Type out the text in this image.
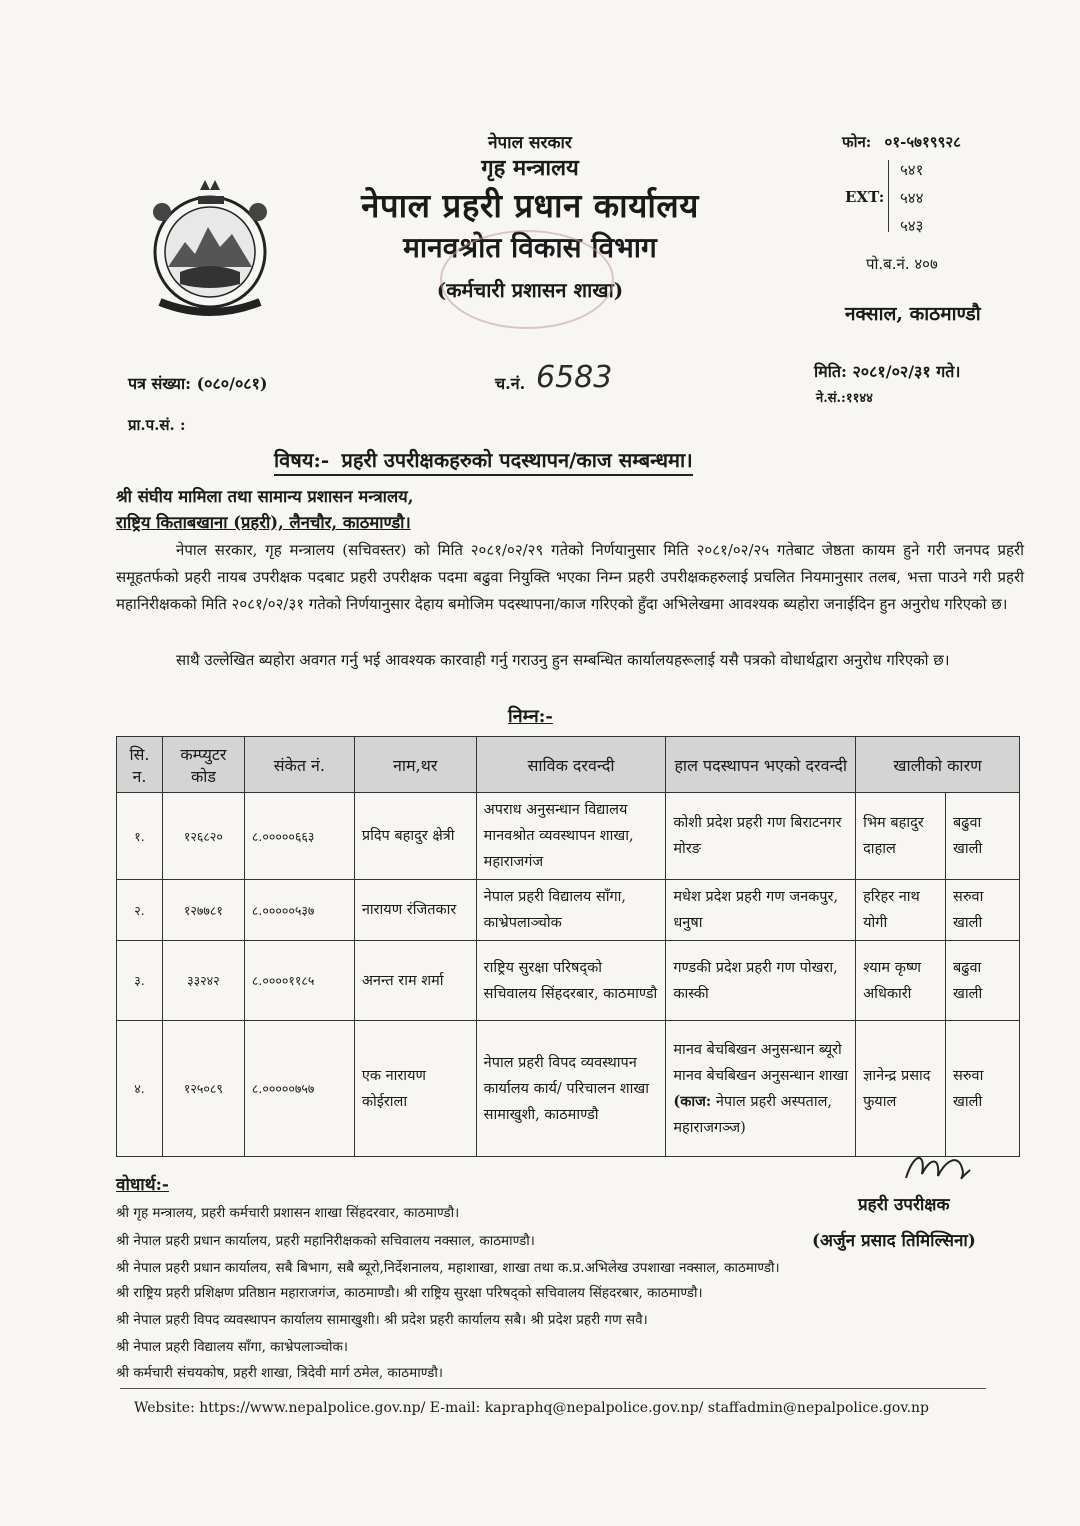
नेपाल सरकार
गृह मन्त्रालय
नेपाल प्रहरी प्रधान कार्यालय
मानवश्रोत विकास विभाग
(कर्मचारी प्रशासन शाखा)
फोन: ०१-५७१९९२८
EXT:
५४१
५४४
५४३
पो.ब.नं. ४०७
नक्साल, काठमाण्डौ
पत्र संख्या: (०८०/०८१)	च.नं. 6583	मिति: २०८१/०२/३१ गते।
ने.सं.:११४४
प्रा.प.सं. :
विषय:- प्रहरी उपरीक्षकहरुको पदस्थापन/काज सम्बन्धमा।
श्री संघीय मामिला तथा सामान्य प्रशासन मन्त्रालय,
राष्ट्रिय किताबखाना (प्रहरी), लैनचौर, काठमाण्डौ।
नेपाल सरकार, गृह मन्त्रालय (सचिवस्तर) को मिति २०८१/०२/२९ गतेको निर्णयानुसार मिति २०८१/०२/२५ गतेबाट जेष्ठता कायम हुने गरी जनपद प्रहरी समूहतर्फको प्रहरी नायब उपरीक्षक पदबाट प्रहरी उपरीक्षक पदमा बढुवा नियुक्ति भएका निम्न प्रहरी उपरीक्षकहरुलाई प्रचलित नियमानुसार तलब, भत्ता पाउने गरी प्रहरी महानिरीक्षकको मिति २०८१/०२/३१ गतेको निर्णयानुसार देहाय बमोजिम पदस्थापना/काज गरिएको हुँदा अभिलेखमा आवश्यक ब्यहोरा जनाईदिन हुन अनुरोध गरिएको छ।
साथै उल्लेखित ब्यहोरा अवगत गर्नु भई आवश्यक कारवाही गर्नु गराउनु हुन सम्बन्धित कार्यालयहरूलाई यसै पत्रको वोधार्थद्वारा अनुरोध गरिएको छ।
निम्न:-
सि. न.	कम्प्युटर कोड	संकेत नं.	नाम,थर	साविक दरवन्दी	हाल पदस्थापन भएको दरवन्दी	खालीको कारण	
१.	१२६८२०	८.०००००६६३	प्रदिप बहादुर क्षेत्री	अपराध अनुसन्धान विद्यालय मानवश्रोत व्यवस्थापन शाखा, महाराजगंज	कोशी प्रदेश प्रहरी गण बिराटनगर मोरङ	भिम बहादुर दाहाल	बढुवा खाली
२.	१२७७८१	८.०००००५३७	नारायण रंजितकार	नेपाल प्रहरी विद्यालय साँगा, काभ्रेपलाञ्चोक	मधेश प्रदेश प्रहरी गण जनकपुर, धनुषा	हरिहर नाथ योगी	सरुवा खाली
३.	३३२४२	८.००००११८५	अनन्त राम शर्मा	राष्ट्रिय सुरक्षा परिषद्को सचिवालय सिंहदरबार, काठमाण्डौ	गण्डकी प्रदेश प्रहरी गण पोखरा, कास्की	श्याम कृष्ण अधिकारी	बढुवा खाली
४.	१२५०८९	८.०००००७५७	एक नारायण कोईराला	नेपाल प्रहरी विपद व्यवस्थापन कार्यालय कार्य/ परिचालन शाखा सामाखुशी, काठमाण्डौ	मानव बेचबिखन अनुसन्धान ब्यूरो मानव बेचबिखन अनुसन्धान शाखा (काज: नेपाल प्रहरी अस्पताल, महाराजगञ्ज)	ज्ञानेन्द्र प्रसाद फुयाल	सरुवा खाली
प्रहरी उपरीक्षक
(अर्जुन प्रसाद तिमिल्सिना)
वोधार्थ:-
श्री गृह मन्त्रालय, प्रहरी कर्मचारी प्रशासन शाखा सिंहदरवार, काठमाण्डौ।
श्री नेपाल प्रहरी प्रधान कार्यालय, प्रहरी महानिरीक्षकको सचिवालय नक्साल, काठमाण्डौ।
श्री नेपाल प्रहरी प्रधान कार्यालय, सबै बिभाग, सबै ब्यूरो,निर्देशनालय, महाशाखा, शाखा तथा क.प्र.अभिलेख उपशाखा नक्साल, काठमाण्डौ।
श्री राष्ट्रिय प्रहरी प्रशिक्षण प्रतिष्ठान महाराजगंज, काठमाण्डौ। श्री राष्ट्रिय सुरक्षा परिषद्को सचिवालय सिंहदरबार, काठमाण्डौ।
श्री नेपाल प्रहरी विपद व्यवस्थापन कार्यालय सामाखुशी। श्री प्रदेश प्रहरी कार्यालय सबै। श्री प्रदेश प्रहरी गण सवै।
श्री नेपाल प्रहरी विद्यालय साँगा, काभ्रेपलाञ्चोक।
श्री कर्मचारी संचयकोष, प्रहरी शाखा, त्रिदेवी मार्ग ठमेल, काठमाण्डौ।
Website: https://www.nepalpolice.gov.np/ E-mail: kapraphq@nepalpolice.gov.np/ staffadmin@nepalpolice.gov.np
